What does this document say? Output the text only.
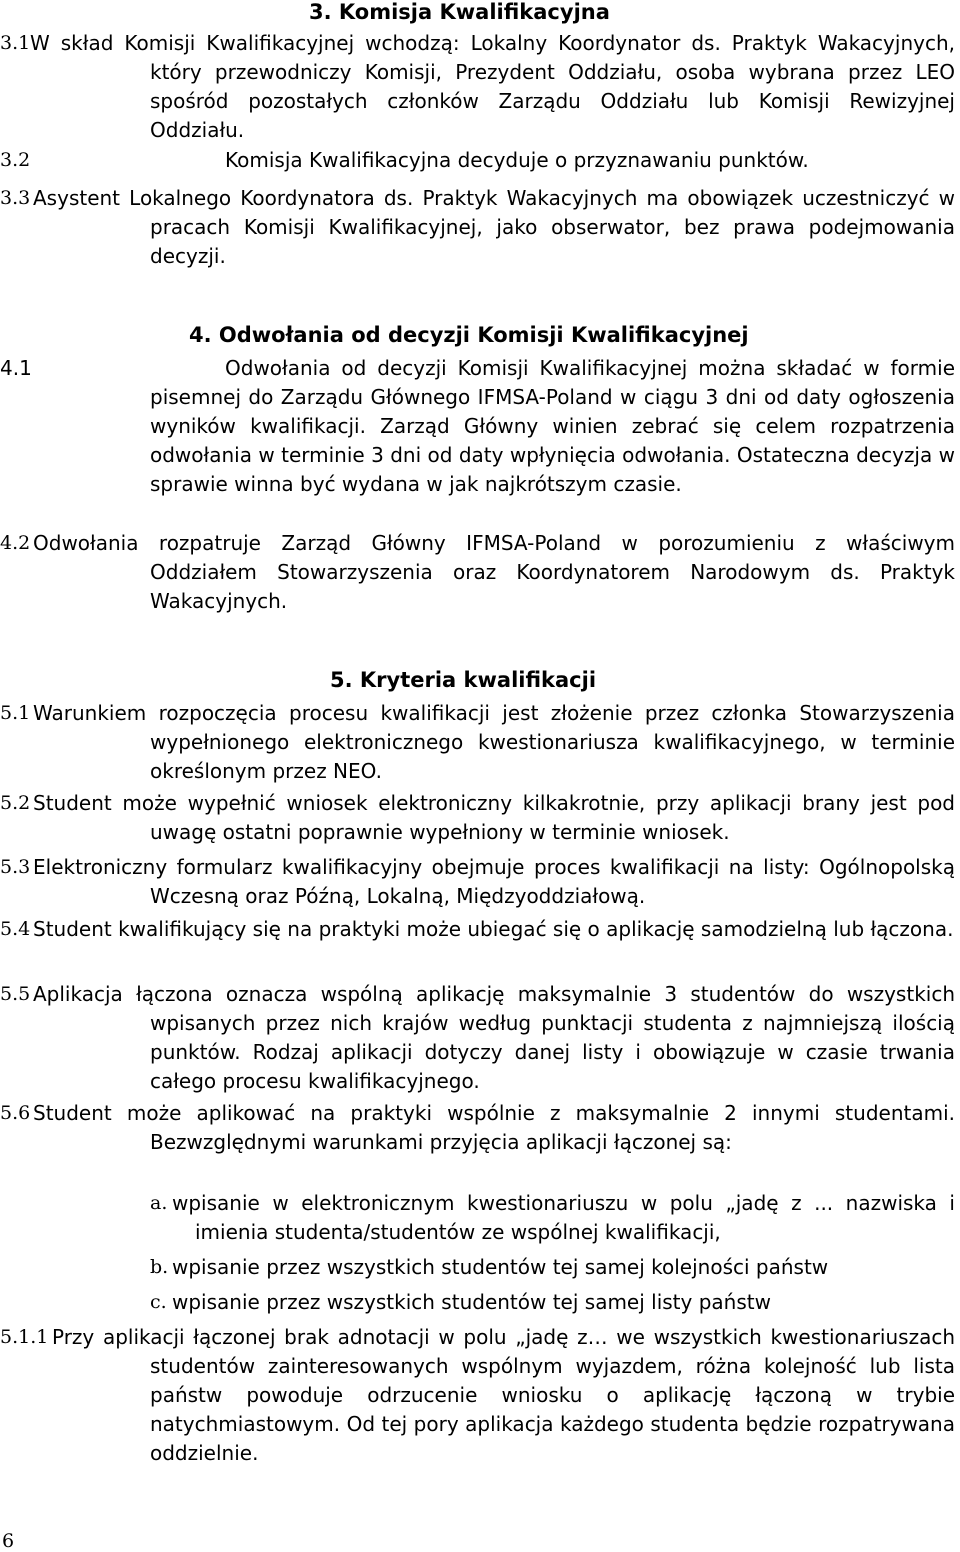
3. Komisja Kwalifikacyjna
3.1 W skład Komisji Kwalifikacyjnej wchodzą: Lokalny Koordynator ds. Praktyk Wakacyjnych, który przewodniczy Komisji, Prezydent Oddziału, osoba wybrana przez LEO spośród pozostałych członków Zarządu Oddziału lub Komisji Rewizyjnej Oddziału.
3.2	Komisja Kwalifikacyjna decyduje o przyznawaniu punktów.
3.3 Asystent Lokalnego Koordynatora ds. Praktyk Wakacyjnych ma obowiązek uczestniczyć w pracach Komisji Kwalifikacyjnej, jako obserwator, bez prawa podejmowania decyzji.
4. Odwołania od decyzji Komisji Kwalifikacyjnej
4.1	Odwołania od decyzji Komisji Kwalifikacyjnej można składać w formie pisemnej do Zarządu Głównego IFMSA-Poland w ciągu 3 dni od daty ogłoszenia wyników kwalifikacji. Zarząd Główny winien zebrać się celem rozpatrzenia odwołania w terminie 3 dni od daty wpłynięcia odwołania. Ostateczna decyzja w sprawie winna być wydana w jak najkrótszym czasie.
4.2 Odwołania rozpatruje Zarząd Główny IFMSA-Poland w porozumieniu z właściwym Oddziałem Stowarzyszenia oraz Koordynatorem Narodowym ds. Praktyk Wakacyjnych.
5. Kryteria kwalifikacji
5.1 Warunkiem rozpoczęcia procesu kwalifikacji jest złożenie przez członka Stowarzyszenia wypełnionego elektronicznego kwestionariusza kwalifikacyjnego, w terminie określonym przez NEO.
5.2 Student może wypełnić wniosek elektroniczny kilkakrotnie, przy aplikacji brany jest pod uwagę ostatni poprawnie wypełniony w terminie wniosek.
5.3 Elektroniczny formularz kwalifikacyjny obejmuje proces kwalifikacji na listy: Ogólnopolską Wczesną oraz Późną, Lokalną, Międzyoddziałową.
5.4 Student kwalifikujący się na praktyki może ubiegać się o aplikację samodzielną lub łączona.
5.5 Aplikacja łączona oznacza wspólną aplikację maksymalnie 3 studentów do wszystkich wpisanych przez nich krajów według punktacji studenta z najmniejszą ilością punktów. Rodzaj aplikacji dotyczy danej listy i obowiązuje w czasie trwania całego procesu kwalifikacyjnego.
5.6 Student może aplikować na praktyki wspólnie z maksymalnie 2 innymi studentami. Bezwzględnymi warunkami przyjęcia aplikacji łączonej są:
a. wpisanie w elektronicznym kwestionariuszu w polu „jadę z ... nazwiska i imienia studenta/studentów ze wspólnej kwalifikacji,
b. wpisanie przez wszystkich studentów tej samej kolejności państw
c. wpisanie przez wszystkich studentów tej samej listy państw
5.1.1 Przy aplikacji łączonej brak adnotacji w polu „jadę z… we wszystkich kwestionariuszach studentów zainteresowanych wspólnym wyjazdem, różna kolejność lub lista państw powoduje odrzucenie wniosku o aplikację łączoną w trybie natychmiastowym. Od tej pory aplikacja każdego studenta będzie rozpatrywana oddzielnie.
6
